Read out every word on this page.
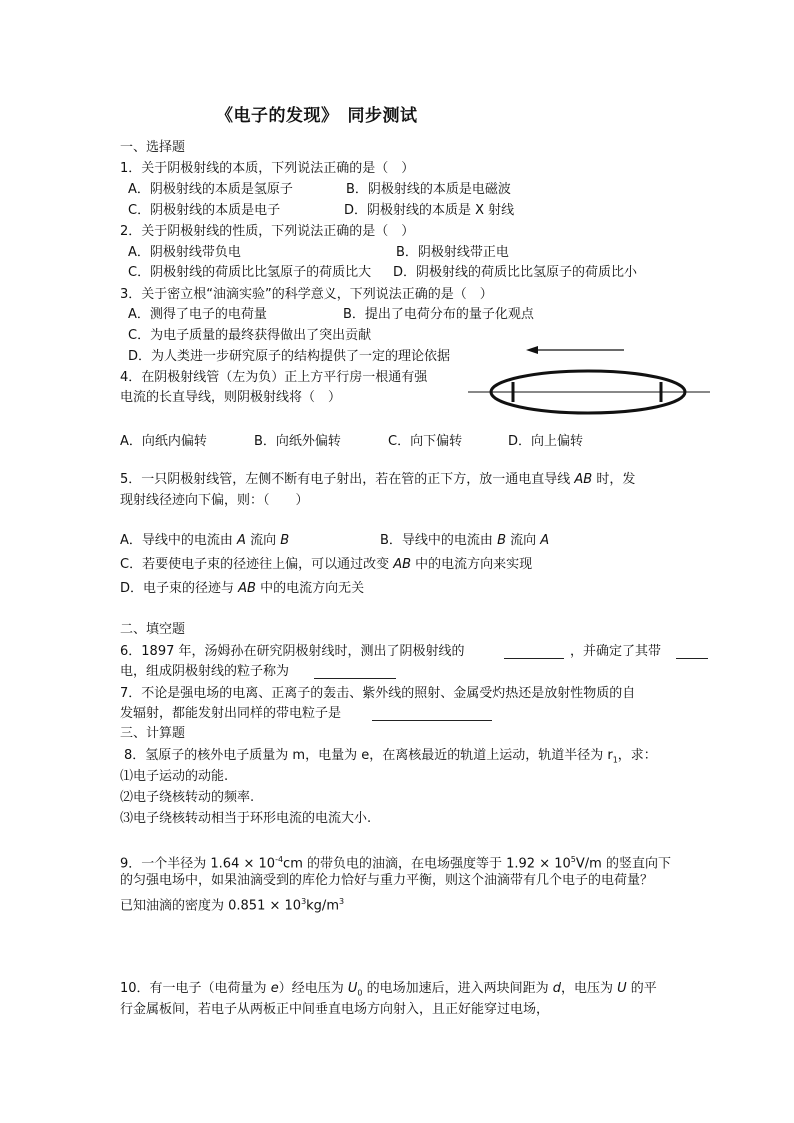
《电子的发现》　同步测试
一、选择题
1．关于阴极射线的本质，下列说法正确的是（　）
A．阴极射线的本质是氢原子	B．阴极射线的本质是电磁波
C．阴极射线的本质是电子	D．阴极射线的本质是 X 射线
2．关于阴极射线的性质，下列说法正确的是（　）
A．阴极射线带负电	B．阴极射线带正电
C．阴极射线的荷质比比氢原子的荷质比大 D．阴极射线的荷质比比氢原子的荷质比小
3．关于密立根“油滴实验”的科学意义，下列说法正确的是（　）
A．测得了电子的电荷量	B．提出了电荷分布的量子化观点
C．为电子质量的最终获得做出了突出贡献
D．为人类进一步研究原子的结构提供了一定的理论依据
4．在阴极射线管（左为负）正上方平行房一根通有强
电流的长直导线，则阴极射线将（　）
A．向纸内偏转	B．向纸外偏转	C．向下偏转	D．向上偏转
5．一只阴极射线管，左侧不断有电子射出，若在管的正下方，放一通电直导线 AB 时，发
现射线径迹向下偏，则：（　　）
A．导线中的电流由 A 流向 B	B．导线中的电流由 B 流向 A
C．若要使电子束的径迹往上偏，可以通过改变 AB 中的电流方向来实现
D．电子束的径迹与 AB 中的电流方向无关
二、填空题
6．1897 年，汤姆孙在研究阴极射线时，测出了阴极射线的	，并确定了其带
电，组成阴极射线的粒子称为
7．不论是强电场的电离、正离子的轰击、紫外线的照射、金属受灼热还是放射性物质的自
发辐射，都能发射出同样的带电粒子是
三、计算题
8．氢原子的核外电子质量为 m，电量为 e，在离核最近的轨道上运动，轨道半径为 $r_1$，求：
⑴电子运动的动能.
⑵电子绕核转动的频率.
⑶电子绕核转动相当于环形电流的电流大小.
9．一个半径为 $1.64 \times 10^{-4}cm$ 的带负电的油滴，在电场强度等于 $1.92 \times 10^5V/m$ 的竖直向下
的匀强电场中，如果油滴受到的库伦力恰好与重力平衡，则这个油滴带有几个电子的电荷量？
已知油滴的密度为 $0.851 \times 10^3kg/m^3$
10．有一电子（电荷量为 e）经电压为 $U_0$ 的电场加速后，进入两块间距为 d，电压为 U 的平
行金属板间，若电子从两板正中间垂直电场方向射入，且正好能穿过电场，
